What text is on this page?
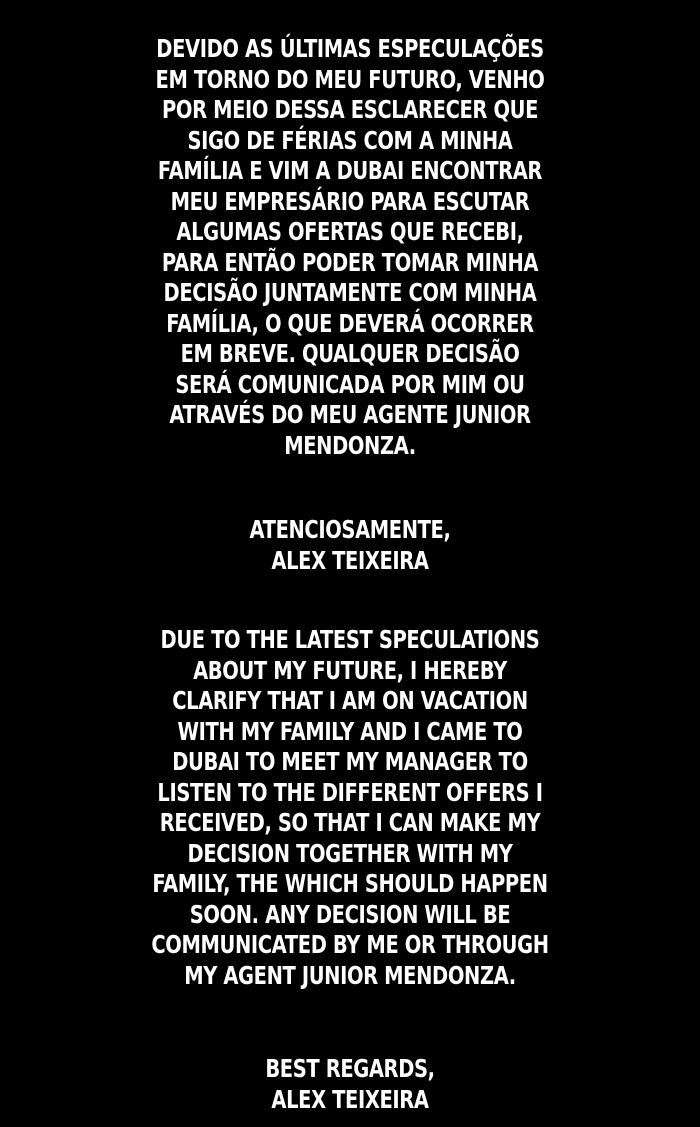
DEVIDO AS ÚLTIMAS ESPECULAÇÕES
EM TORNO DO MEU FUTURO, VENHO
POR MEIO DESSA ESCLARECER QUE
SIGO DE FÉRIAS COM A MINHA
FAMÍLIA E VIM A DUBAI ENCONTRAR
MEU EMPRESÁRIO PARA ESCUTAR
ALGUMAS OFERTAS QUE RECEBI,
PARA ENTÃO PODER TOMAR MINHA
DECISÃO JUNTAMENTE COM MINHA
FAMÍLIA, O QUE DEVERÁ OCORRER
EM BREVE. QUALQUER DECISÃO
SERÁ COMUNICADA POR MIM OU
ATRAVÉS DO MEU AGENTE JUNIOR
MENDONZA.
ATENCIOSAMENTE,
ALEX TEIXEIRA
DUE TO THE LATEST SPECULATIONS
ABOUT MY FUTURE, I HEREBY
CLARIFY THAT I AM ON VACATION
WITH MY FAMILY AND I CAME TO
DUBAI TO MEET MY MANAGER TO
LISTEN TO THE DIFFERENT OFFERS I
RECEIVED, SO THAT I CAN MAKE MY
DECISION TOGETHER WITH MY
FAMILY, THE WHICH SHOULD HAPPEN
SOON. ANY DECISION WILL BE
COMMUNICATED BY ME OR THROUGH
MY AGENT JUNIOR MENDONZA.
BEST REGARDS,
ALEX TEIXEIRA
